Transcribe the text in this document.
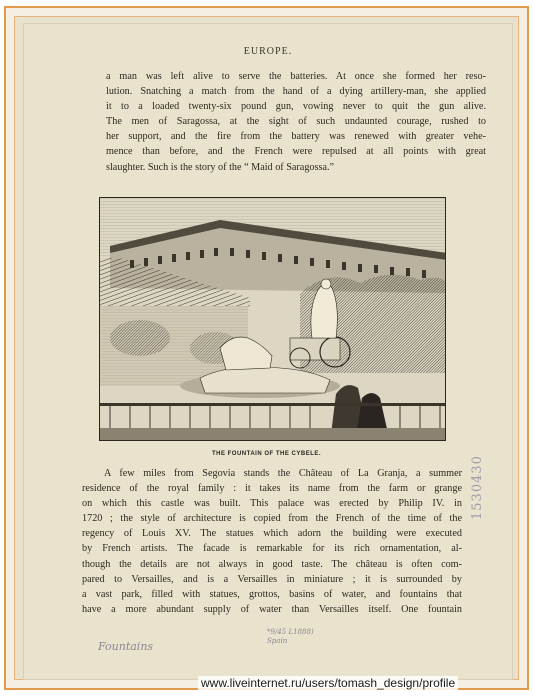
EUROPE.
a man was left alive to serve the batteries. At once she formed her reso-
lution. Snatching a match from the hand of a dying artillery-man, she applied
it to a loaded twenty-six pound gun, vowing never to quit the gun alive.
The men of Saragossa, at the sight of such undaunted courage, rushed to
her support, and the fire from the battery was renewed with greater vehe-
mence than before, and the French were repulsed at all points with great
slaughter. Such is the story of the “ Maid of Saragossa.”
THE FOUNTAIN OF THE CYBELE.
A few miles from Segovia stands the Château of La Granja, a summer
residence of the royal family : it takes its name from the farm or grange
on which this castle was built. This palace was erected by Philip IV. in
1720 ; the style of architecture is copied from the French of the time of the
regency of Louis XV. The statues which adorn the building were executed
by French artists. The facade is remarkable for its rich ornamentation, al-
though the details are not always in good taste. The château is often com-
pared to Versailles, and is a Versailles in miniature ; it is surrounded by
a vast park, filled with statues, grottos, basins of water, and fountains that
have a more abundant supply of water than Versailles itself. One fountain
Fountains
*9/45 L1888)
Spain
1530430
www.liveinternet.ru/users/tomash_design/profile
